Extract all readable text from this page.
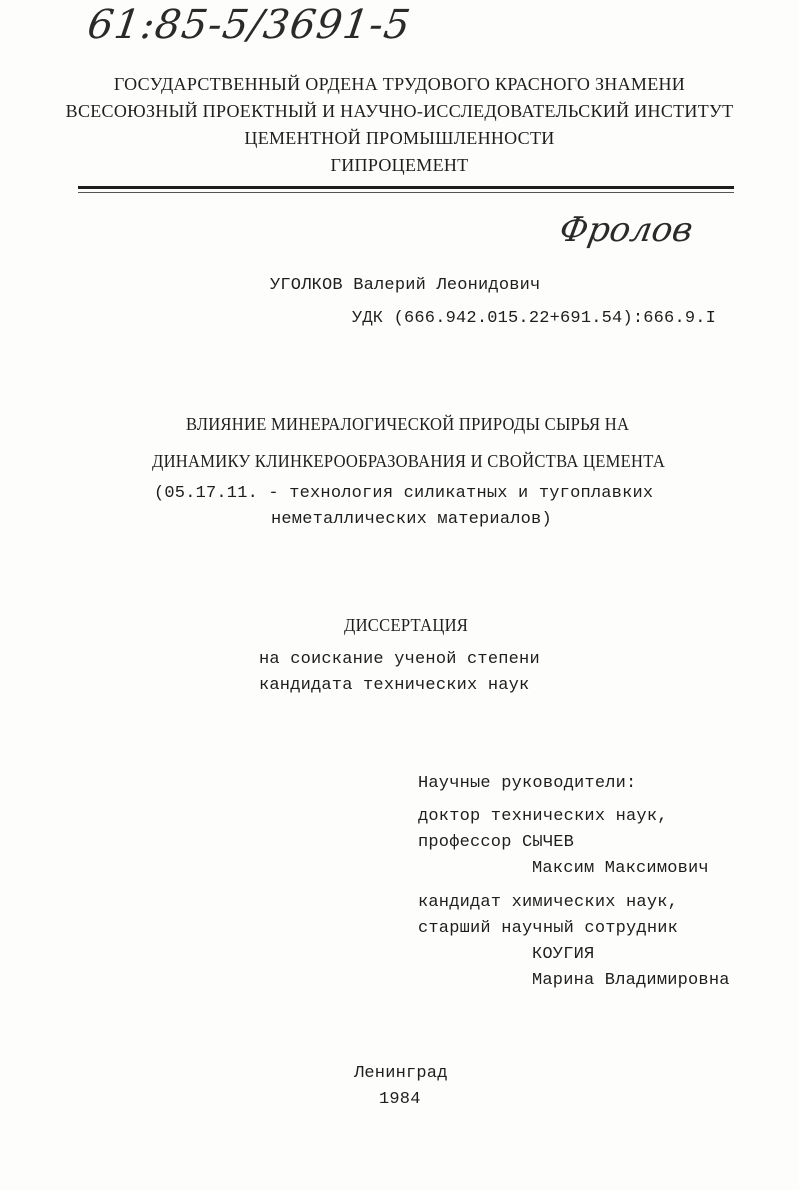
61:85-5/3691-5
ГОСУДАРСТВЕННЫЙ ОРДЕНА ТРУДОВОГО КРАСНОГО ЗНАМЕНИ
ВСЕСОЮЗНЫЙ ПРОЕКТНЫЙ И НАУЧНО-ИССЛЕДОВАТЕЛЬСКИЙ ИНСТИТУТ
ЦЕМЕНТНОЙ ПРОМЫШЛЕННОСТИ
ГИПРОЦЕМЕНТ
Фролов
УГОЛКОВ Валерий Леонидович
УДК (666.942.015.22+691.54):666.9.I
ВЛИЯНИЕ МИНЕРАЛОГИЧЕСКОЙ ПРИРОДЫ СЫРЬЯ НА
ДИНАМИКУ КЛИНКЕРООБРАЗОВАНИЯ И СВОЙСТВА ЦЕМЕНТА
(05.17.11. - технология силикатных и тугоплавких
неметаллических материалов)
ДИССЕРТАЦИЯ
на соискание ученой степени
кандидата технических наук
Научные руководители:
доктор технических наук,
профессор СЫЧЕВ
Максим Максимович
кандидат химических наук,
старший научный сотрудник
КОУГИЯ
Марина Владимировна
Ленинград
1984
